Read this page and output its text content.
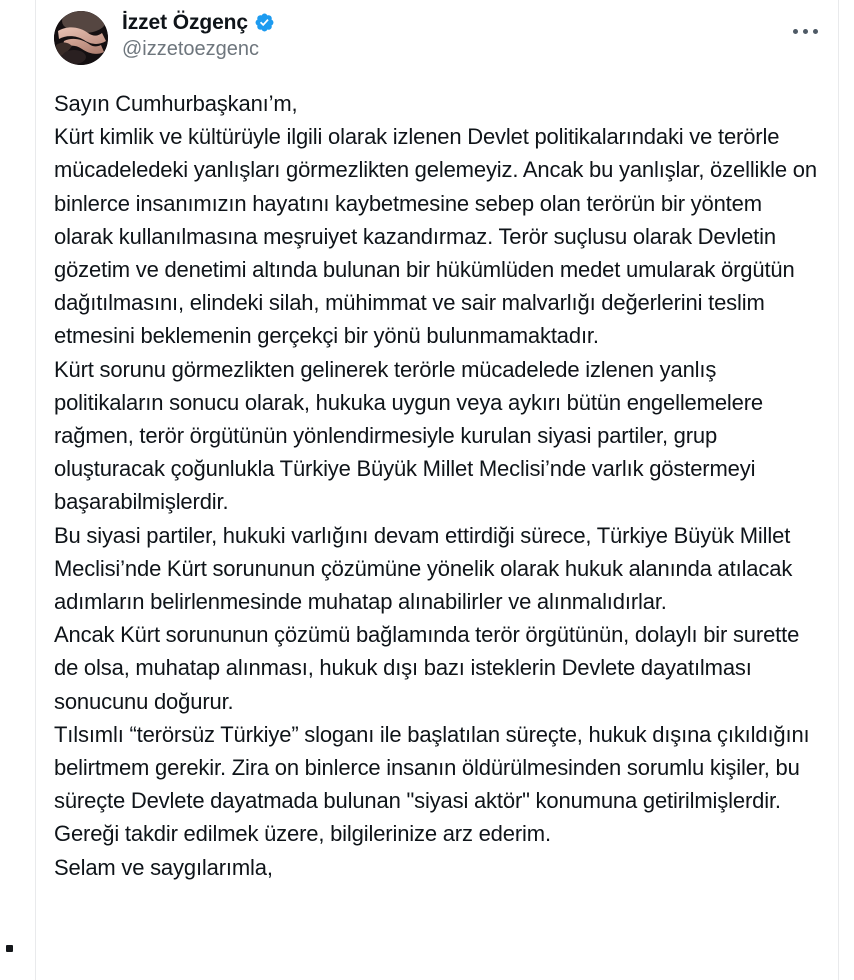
İzzet Özgenç
@izzetoezgenc

Sayın Cumhurbaşkanı’m,

Kürt kimlik ve kültürüyle ilgili olarak izlenen Devlet politikalarındaki ve terörle mücadeledeki yanlışları görmezlikten gelemeyiz. Ancak bu yanlışlar, özellikle on binlerce insanımızın hayatını kaybetmesine sebep olan terörün bir yöntem olarak kullanılmasına meşruiyet kazandırmaz. Terör suçlusu olarak Devletin gözetim ve denetimi altında bulunan bir hükümlüden medet umularak örgütün dağıtılmasını, elindeki silah, mühimmat ve sair malvarlığı değerlerini teslim etmesini beklemenin gerçekçi bir yönü bulunmamaktadır.

Kürt sorunu görmezlikten gelinerek terörle mücadelede izlenen yanlış politikaların sonucu olarak, hukuka uygun veya aykırı bütün engellemelere rağmen, terör örgütünün yönlendirmesiyle kurulan siyasi partiler, grup oluşturacak çoğunlukla Türkiye Büyük Millet Meclisi’nde varlık göstermeyi başarabilmişlerdir.

Bu siyasi partiler, hukuki varlığını devam ettirdiği sürece, Türkiye Büyük Millet Meclisi’nde Kürt sorununun çözümüne yönelik olarak hukuk alanında atılacak adımların belirlenmesinde muhatap alınabilirler ve alınmalıdırlar.

Ancak Kürt sorununun çözümü bağlamında terör örgütünün, dolaylı bir surette de olsa, muhatap alınması, hukuk dışı bazı isteklerin Devlete dayatılması sonucunu doğurur.

Tılsımlı “terörsüz Türkiye” sloganı ile başlatılan süreçte, hukuk dışına çıkıldığını belirtmem gerekir. Zira on binlerce insanın öldürülmesinden sorumlu kişiler, bu süreçte Devlete dayatmada bulunan "siyasi aktör" konumuna getirilmişlerdir.

Gereği takdir edilmek üzere, bilgilerinize arz ederim.

Selam ve saygılarımla,
